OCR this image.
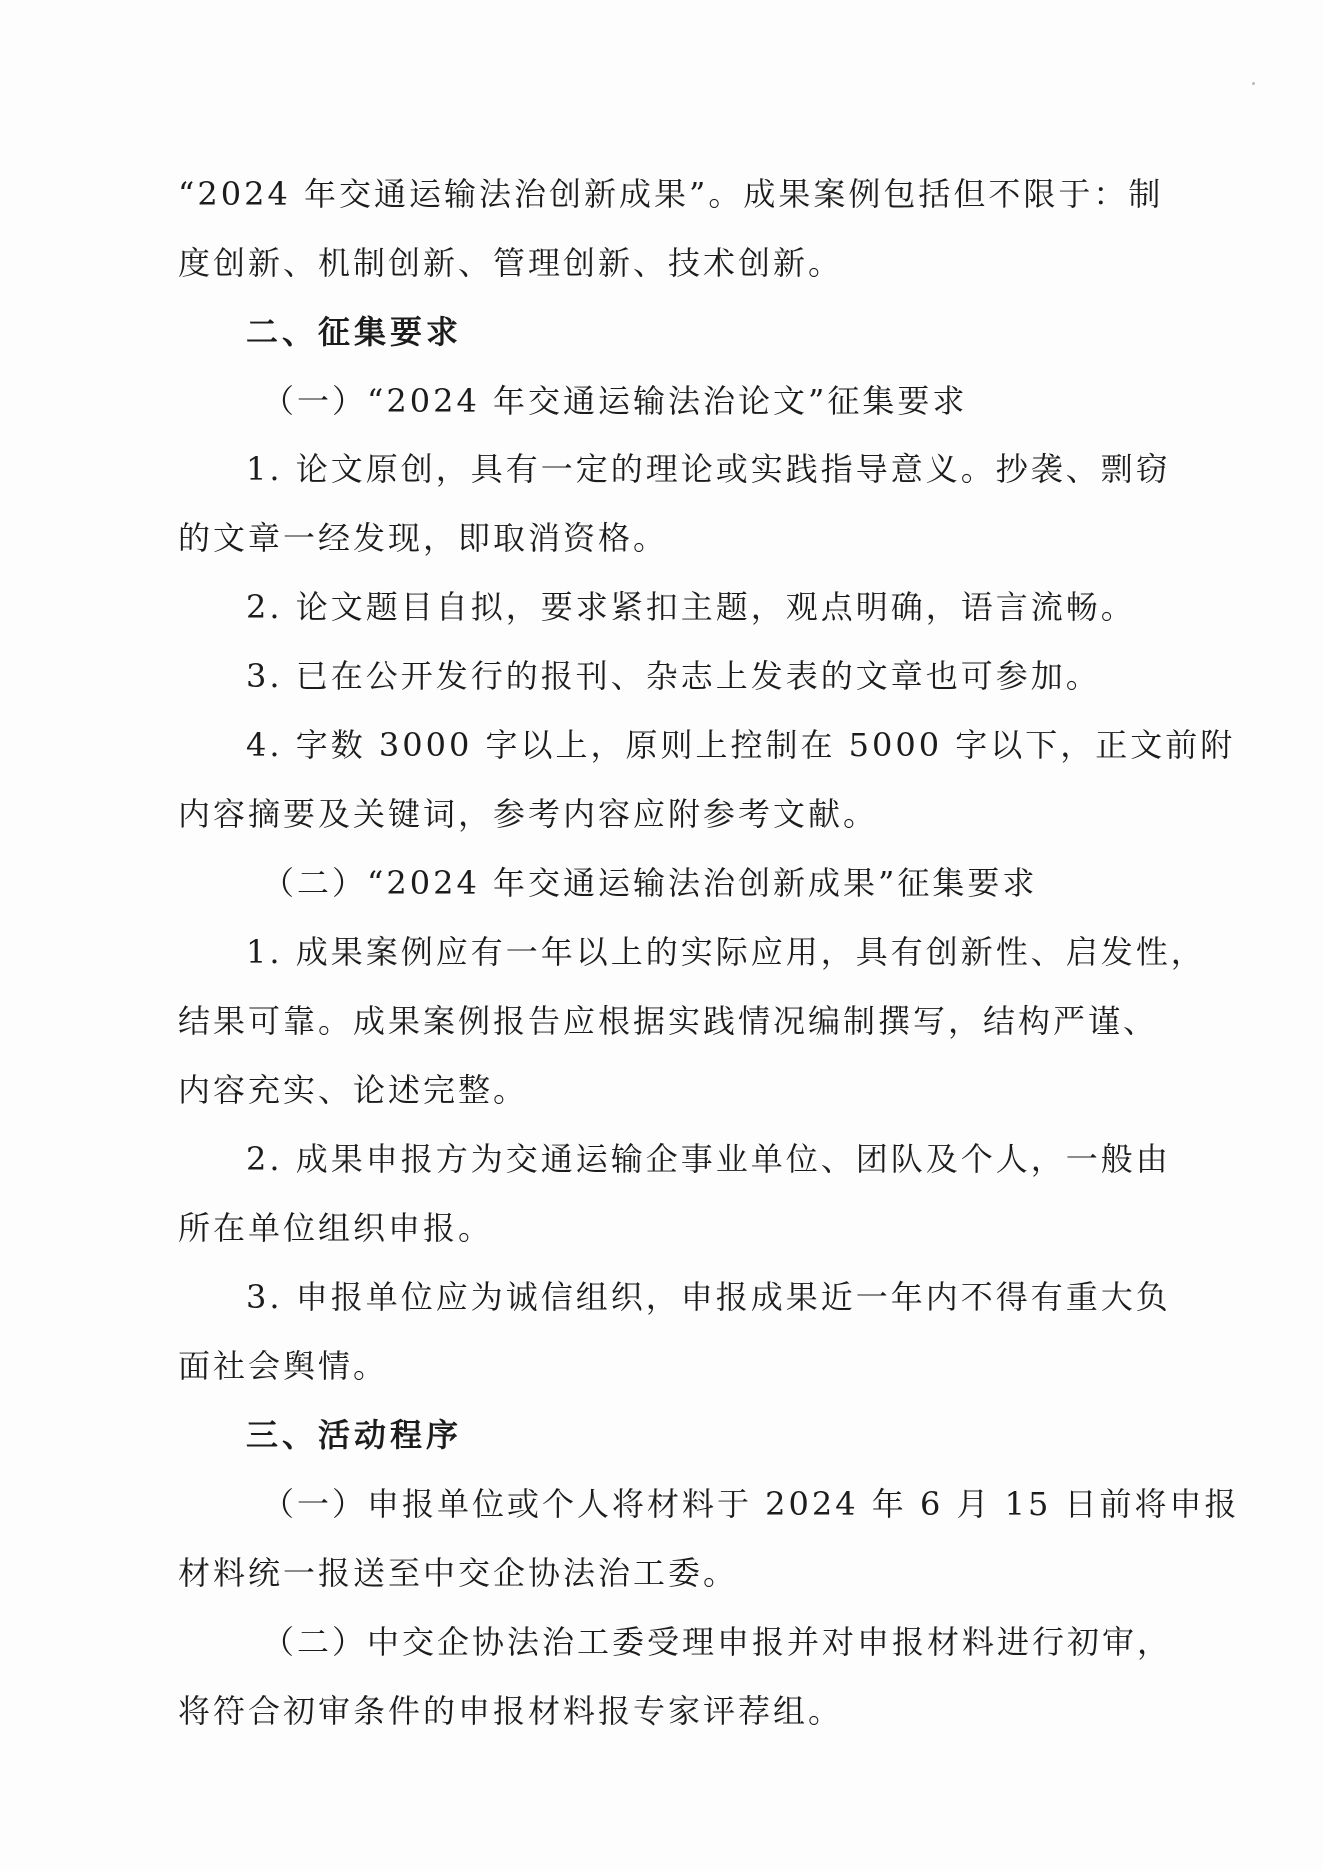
“2024 年交通运输法治创新成果”。成果案例包括但不限于：制

度创新、机制创新、管理创新、技术创新。

二、征集要求

（一）“2024 年交通运输法治论文”征集要求

1. 论文原创，具有一定的理论或实践指导意义。抄袭、剽窃

的文章一经发现，即取消资格。

2. 论文题目自拟，要求紧扣主题，观点明确，语言流畅。

3. 已在公开发行的报刊、杂志上发表的文章也可参加。

4. 字数 3000 字以上，原则上控制在 5000 字以下，正文前附

内容摘要及关键词，参考内容应附参考文献。

（二）“2024 年交通运输法治创新成果”征集要求

1. 成果案例应有一年以上的实际应用，具有创新性、启发性，

结果可靠。成果案例报告应根据实践情况编制撰写，结构严谨、

内容充实、论述完整。

2. 成果申报方为交通运输企事业单位、团队及个人，一般由

所在单位组织申报。

3. 申报单位应为诚信组织，申报成果近一年内不得有重大负

面社会舆情。

三、活动程序

（一）申报单位或个人将材料于 2024 年 6 月 15 日前将申报

材料统一报送至中交企协法治工委。

（二）中交企协法治工委受理申报并对申报材料进行初审，

将符合初审条件的申报材料报专家评荐组。
